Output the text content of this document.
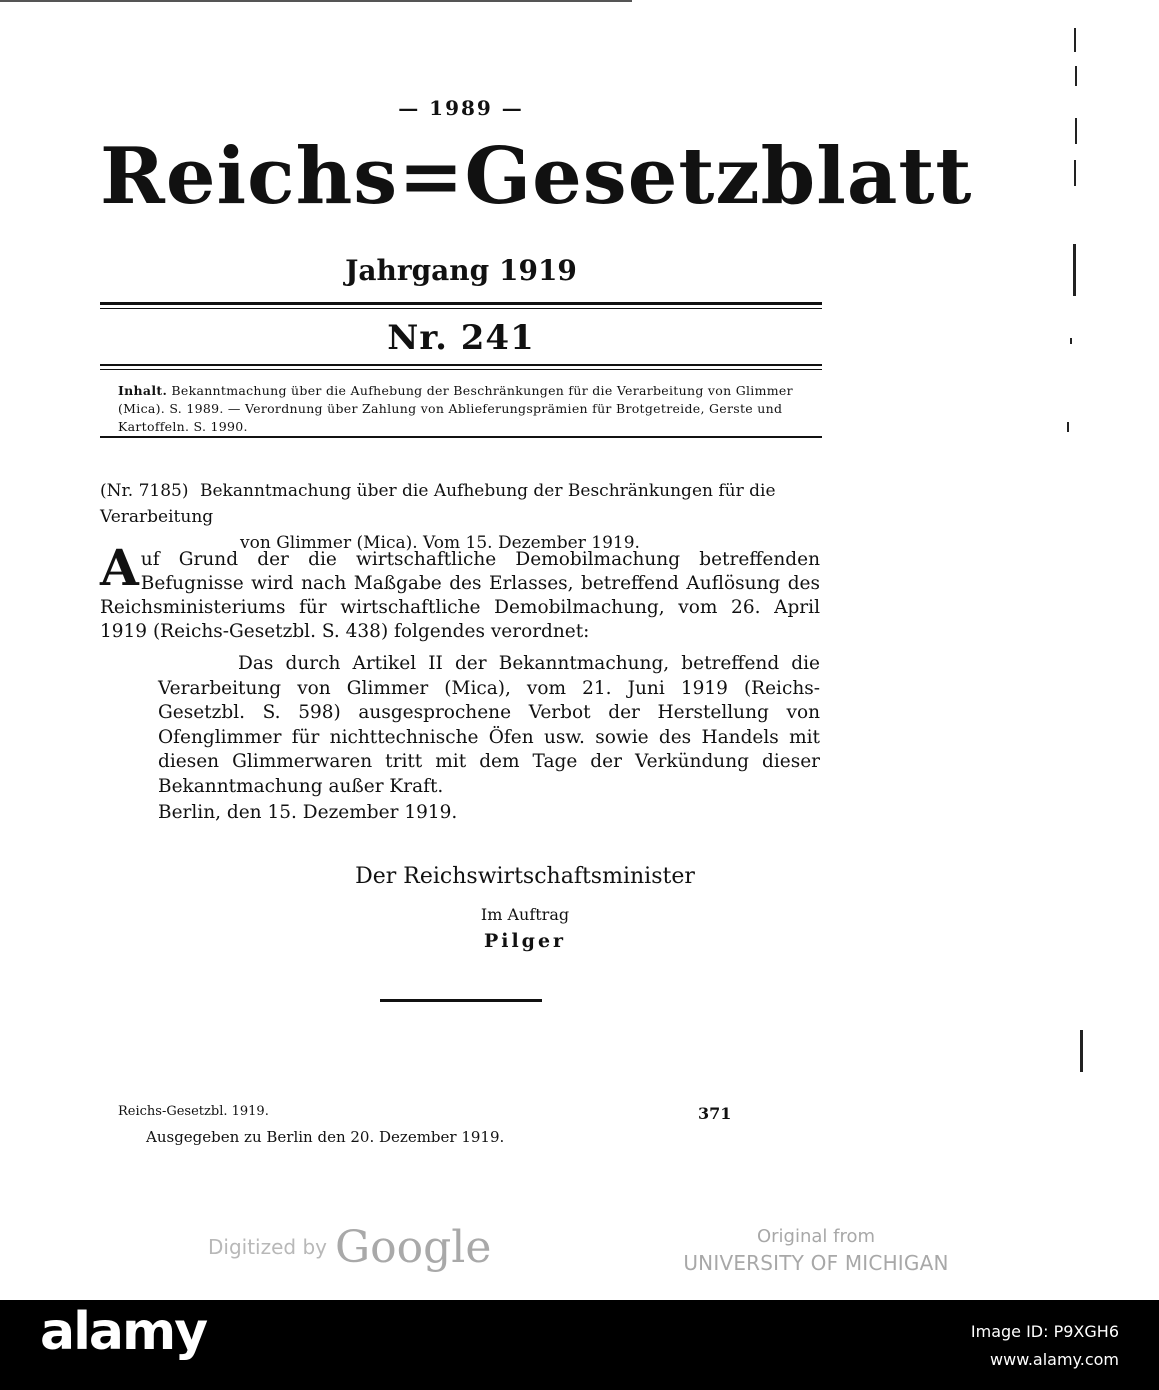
— 1989 —
Reichs=Gesetzblatt
Jahrgang 1919
Nr. 241
Inhalt. Bekanntmachung über die Aufhebung der Beschränkungen für die Verarbeitung von Glimmer (Mica). S. 1989. — Verordnung über Zahlung von Ablieferungsprämien für Brotgetreide, Gerste und Kartoffeln. S. 1990.
(Nr. 7185) Bekanntmachung über die Aufhebung der Beschränkungen für die Verarbeitung
von Glimmer (Mica). Vom 15. Dezember 1919.
Auf Grund der die wirtschaftliche Demobilmachung betreffenden Befugnisse wird nach Maßgabe des Erlasses, betreffend Auflösung des Reichsministeriums für wirtschaftliche Demobilmachung, vom 26. April 1919 (Reichs-Gesetzbl. S. 438) folgendes verordnet:
Das durch Artikel II der Bekanntmachung, betreffend die Verarbeitung von Glimmer (Mica), vom 21. Juni 1919 (Reichs-Gesetzbl. S. 598) ausgesprochene Verbot der Herstellung von Ofenglimmer für nichttechnische Öfen usw. sowie des Handels mit diesen Glimmerwaren tritt mit dem Tage der Verkündung dieser Bekanntmachung außer Kraft.
Berlin, den 15. Dezember 1919.
Der Reichswirtschaftsminister
Im Auftrag
Pilger
Reichs-Gesetzbl. 1919.	371
Ausgegeben zu Berlin den 20. Dezember 1919.
Digitized by Google	Original from
UNIVERSITY OF MICHIGAN
alamy	Image ID: P9XGH6
www.alamy.com
